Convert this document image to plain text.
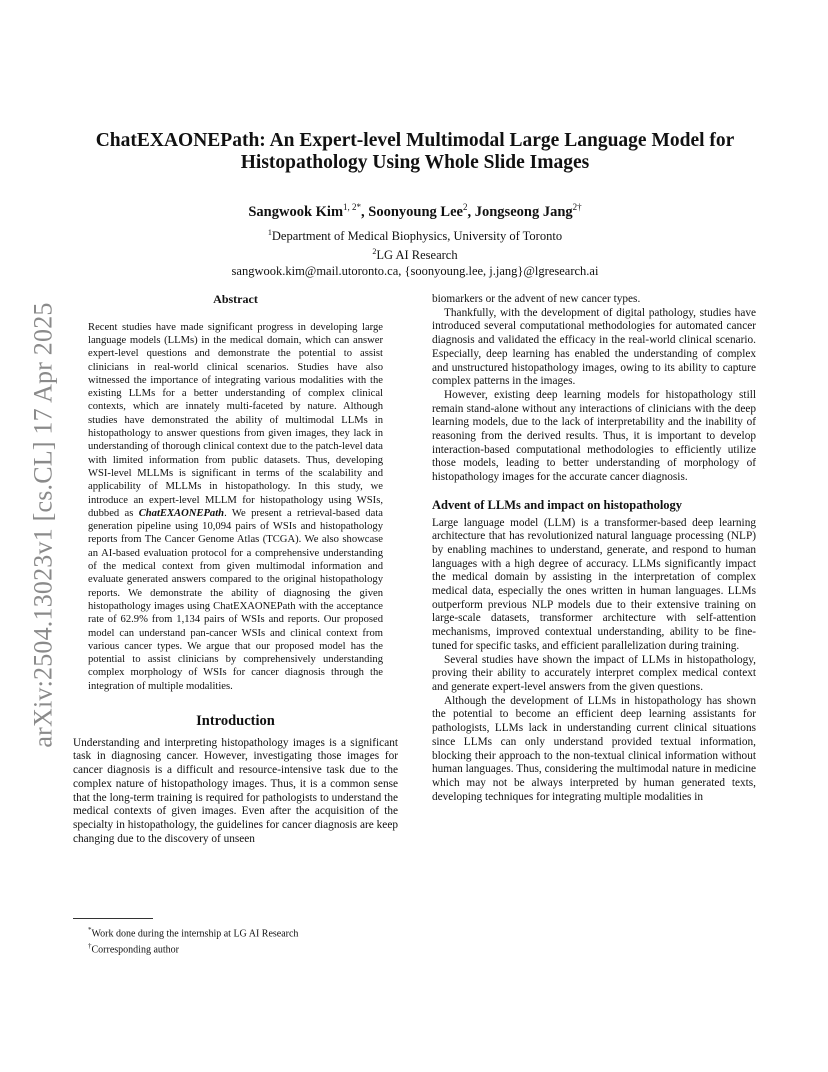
arXiv:2504.13023v1 [cs.CL] 17 Apr 2025
ChatEXAONEPath: An Expert-level Multimodal Large Language Model for
Histopathology Using Whole Slide Images
Sangwook Kim$^{1, 2*}$, Soonyoung Lee$^2$, Jongseong Jang$^{2\dagger}$
$^1$Department of Medical Biophysics, University of Toronto
$^2$LG AI Research
sangwook.kim@mail.utoronto.ca, {soonyoung.lee, j.jang}@lgresearch.ai
Abstract

Recent studies have made significant progress in developing large language models (LLMs) in the medical domain, which can answer expert-level questions and demonstrate the potential to assist clinicians in real-world clinical scenarios. Studies have also witnessed the importance of integrating various modalities with the existing LLMs for a better understanding of complex clinical contexts, which are innately multi-faceted by nature. Although studies have demonstrated the ability of multimodal LLMs in histopathology to answer questions from given images, they lack in understanding of thorough clinical context due to the patch-level data with limited information from public datasets. Thus, developing WSI-level MLLMs is significant in terms of the scalability and applicability of MLLMs in histopathology. In this study, we introduce an expert-level MLLM for histopathology using WSIs, dubbed as ChatEXAONEPath. We present a retrieval-based data generation pipeline using 10,094 pairs of WSIs and histopathology reports from The Cancer Genome Atlas (TCGA). We also showcase an AI-based evaluation protocol for a comprehensive understanding of the medical context from given multimodal information and evaluate generated answers compared to the original histopathology reports. We demonstrate the ability of diagnosing the given histopathology images using ChatEXAONEPath with the acceptance rate of 62.9% from 1,134 pairs of WSIs and reports. Our proposed model can understand pan-cancer WSIs and clinical context from various cancer types. We argue that our proposed model has the potential to assist clinicians by comprehensively understanding complex morphology of WSIs for cancer diagnosis through the integration of multiple modalities.

Introduction

Understanding and interpreting histopathology images is a significant task in diagnosing cancer. However, investigating those images for cancer diagnosis is a difficult and resource-intensive task due to the complex nature of histopathology images. Thus, it is a common sense that the long-term training is required for pathologists to understand the medical contexts of given images. Even after the acquisition of the specialty in histopathology, the guidelines for cancer diagnosis are keep changing due to the discovery of unseen

biomarkers or the advent of new cancer types.

Thankfully, with the development of digital pathology, studies have introduced several computational methodologies for automated cancer diagnosis and validated the efficacy in the real-world clinical scenario. Especially, deep learning has enabled the understanding of complex and unstructured histopathology images, owing to its ability to capture complex patterns in the images.

However, existing deep learning models for histopathology still remain stand-alone without any interactions of clinicians with the deep learning models, due to the lack of interpretability and the inability of reasoning from the derived results. Thus, it is important to develop interaction-based computational methodologies to efficiently utilize those models, leading to better understanding of morphology of histopathology images for the accurate cancer diagnosis.

Advent of LLMs and impact on histopathology

Large language model (LLM) is a transformer-based deep learning architecture that has revolutionized natural language processing (NLP) by enabling machines to understand, generate, and respond to human languages with a high degree of accuracy. LLMs significantly impact the medical domain by assisting in the interpretation of complex medical data, especially the ones written in human languages. LLMs outperform previous NLP models due to their extensive training on large-scale datasets, transformer architecture with self-attention mechanisms, improved contextual understanding, ability to be fine-tuned for specific tasks, and efficient parallelization during training.

Several studies have shown the impact of LLMs in histopathology, proving their ability to accurately interpret complex medical context and generate expert-level answers from the given questions.

Although the development of LLMs in histopathology has shown the potential to become an efficient deep learning assistants for pathologists, LLMs lack in understanding current clinical situations since LLMs can only understand provided textual information, blocking their approach to the non-textual clinical information without human languages. Thus, considering the multimodal nature in medicine which may not be always interpreted by human generated texts, developing techniques for integrating multiple modalities in

*Work done during the internship at LG AI Research
†Corresponding author
